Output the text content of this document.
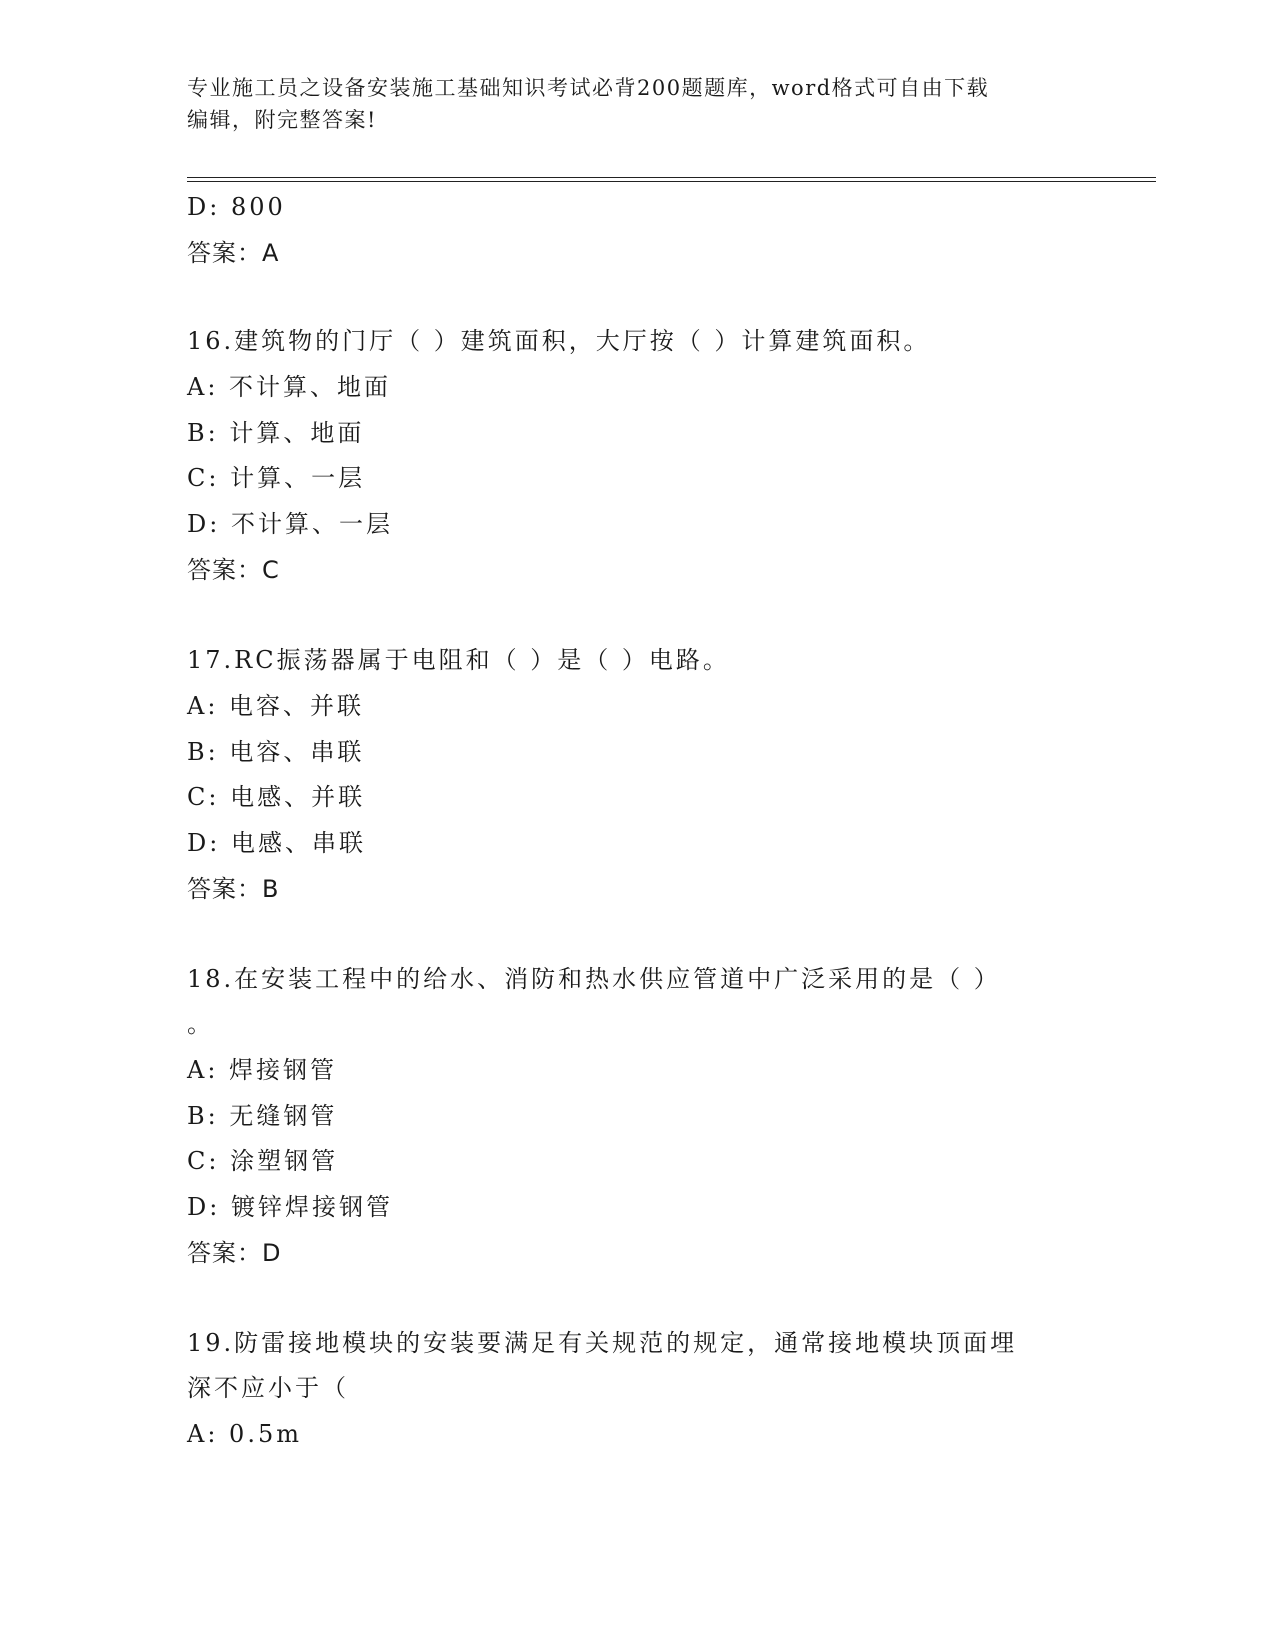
专业施工员之设备安装施工基础知识考试必背200题题库，word格式可自由下载
编辑，附完整答案!
D: 800
答案：A
16.建筑物的门厅（ ）建筑面积，大厅按（ ）计算建筑面积。
A: 不计算、地面
B: 计算、地面
C: 计算、一层
D: 不计算、一层
答案：C
17.RC振荡器属于电阻和（ ）是（ ）电路。
A: 电容、并联
B: 电容、串联
C: 电感、并联
D: 电感、串联
答案：B
18.在安装工程中的给水、消防和热水供应管道中广泛采用的是（ ）
。
A: 焊接钢管
B: 无缝钢管
C: 涂塑钢管
D: 镀锌焊接钢管
答案：D
19.防雷接地模块的安装要满足有关规范的规定，通常接地模块顶面埋
深不应小于（
A: 0.5m
